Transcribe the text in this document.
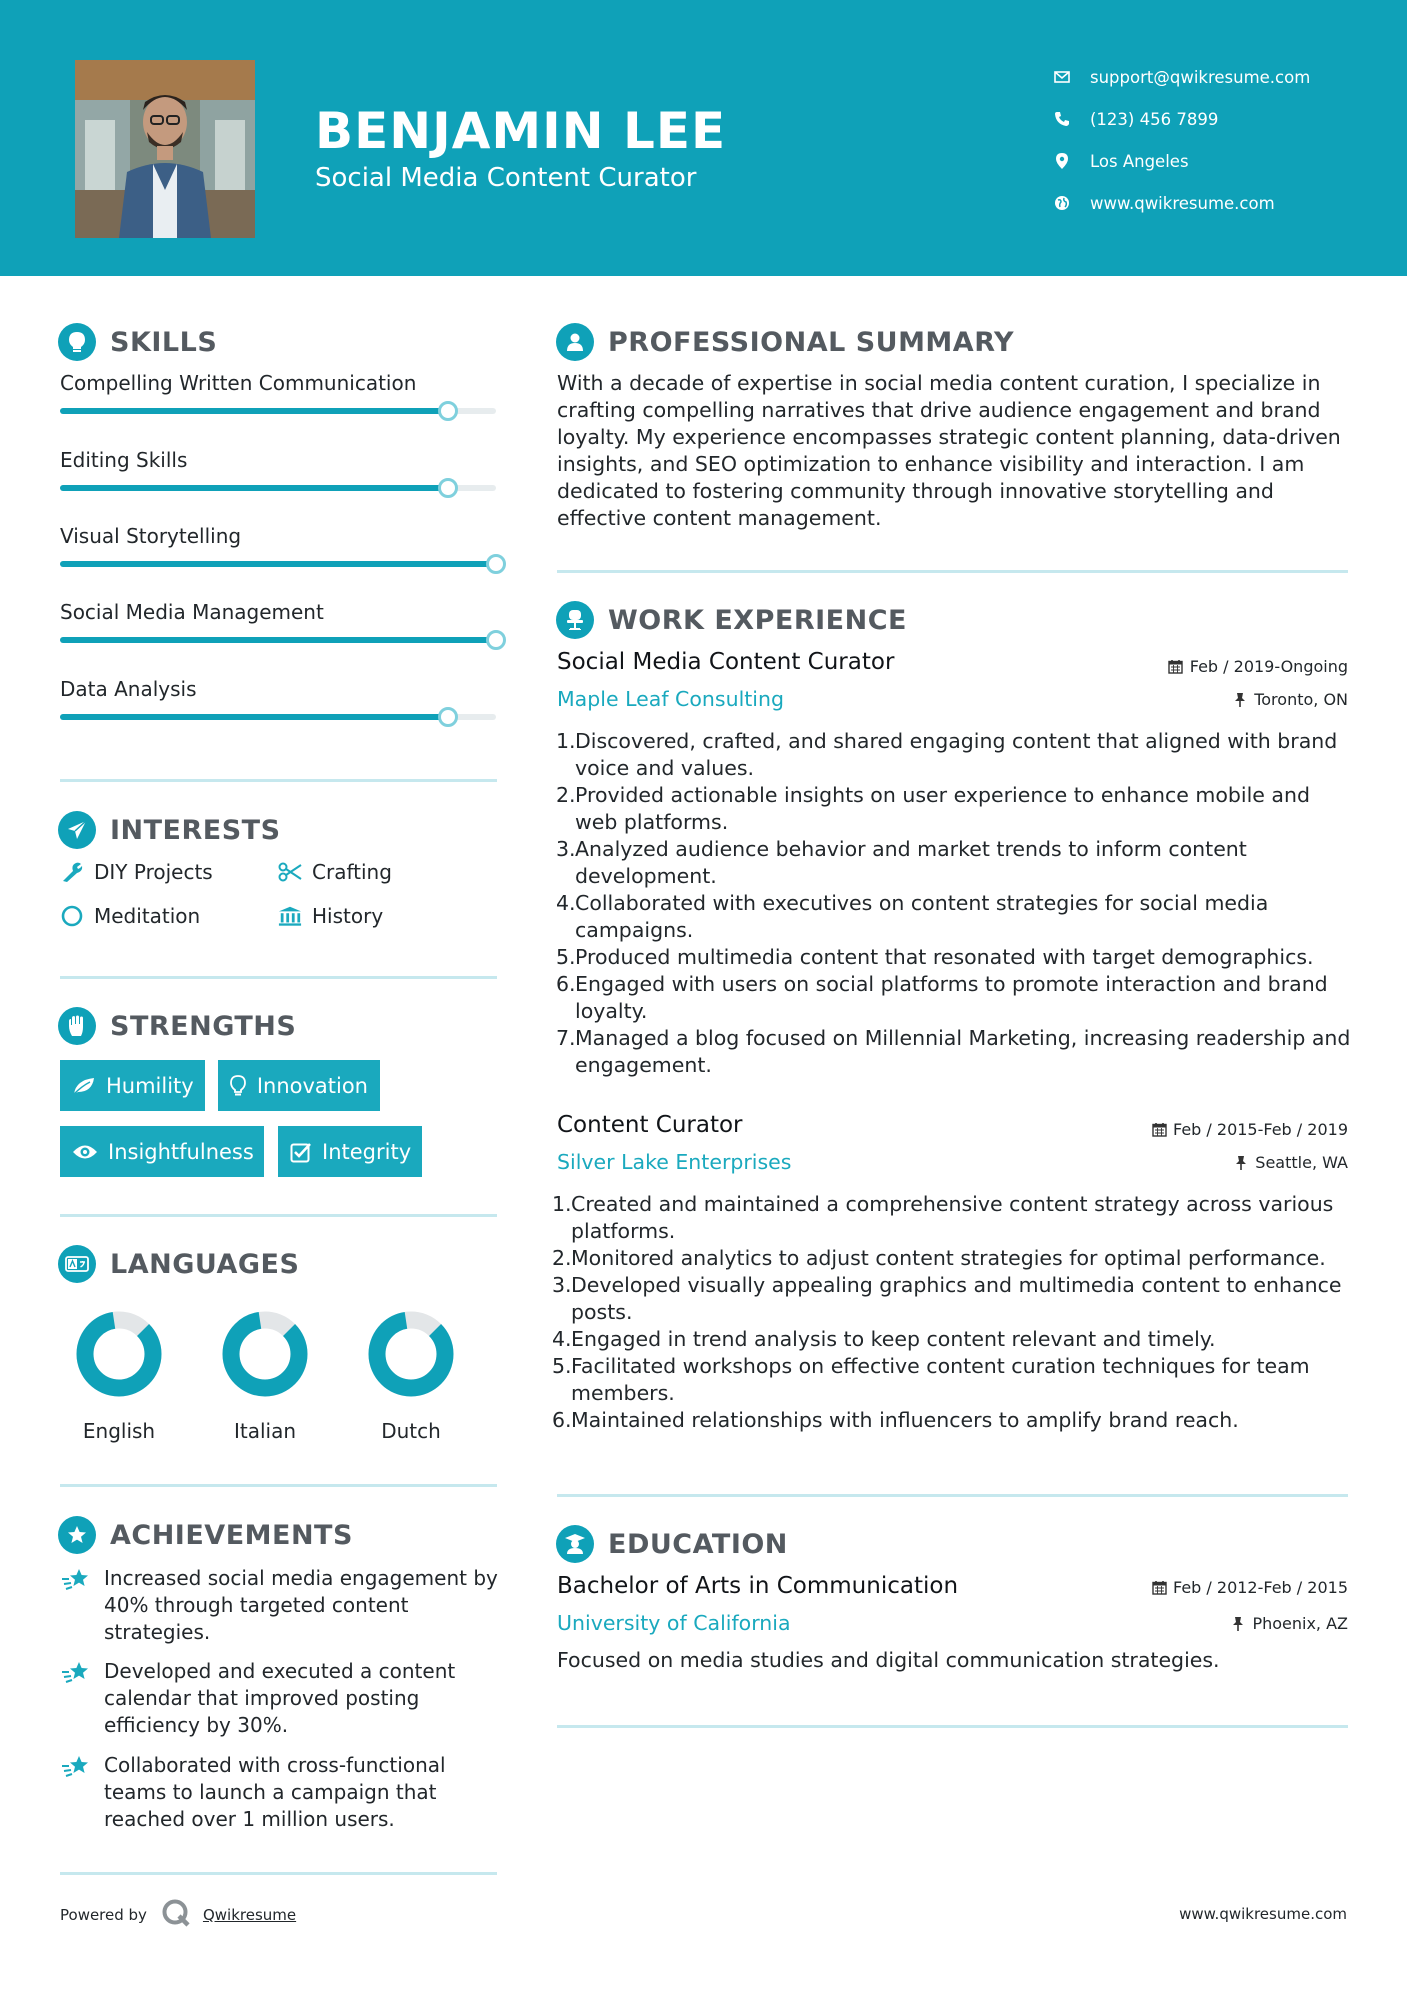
BENJAMIN LEE
Social Media Content Curator
support@qwikresume.com
(123) 456 7899
Los Angeles
www.qwikresume.com
SKILLS
Compelling Written Communication
Editing Skills
Visual Storytelling
Social Media Management
Data Analysis
INTERESTS
DIY Projects	Crafting
Meditation	History
STRENGTHS
Humility	Innovation
Insightfulness	Integrity
LANGUAGES
English	Italian	Dutch
ACHIEVEMENTS
Increased social media engagement by 40% through targeted content strategies.
Developed and executed a content calendar that improved posting efficiency by 30%.
Collaborated with cross-functional teams to launch a campaign that reached over 1 million users.
PROFESSIONAL SUMMARY
With a decade of expertise in social media content curation, I specialize in crafting compelling narratives that drive audience engagement and brand loyalty. My experience encompasses strategic content planning, data-driven insights, and SEO optimization to enhance visibility and interaction. I am dedicated to fostering community through innovative storytelling and effective content management.
WORK EXPERIENCE
Social Media Content Curator
Maple Leaf Consulting
Feb / 2019-Ongoing
Toronto, ON
1. Discovered, crafted, and shared engaging content that aligned with brand voice and values.
2. Provided actionable insights on user experience to enhance mobile and web platforms.
3. Analyzed audience behavior and market trends to inform content development.
4. Collaborated with executives on content strategies for social media campaigns.
5. Produced multimedia content that resonated with target demographics.
6. Engaged with users on social platforms to promote interaction and brand loyalty.
7. Managed a blog focused on Millennial Marketing, increasing readership and engagement.
Content Curator
Silver Lake Enterprises
Feb / 2015-Feb / 2019
Seattle, WA
1. Created and maintained a comprehensive content strategy across various platforms.
2. Monitored analytics to adjust content strategies for optimal performance.
3. Developed visually appealing graphics and multimedia content to enhance posts.
4. Engaged in trend analysis to keep content relevant and timely.
5. Facilitated workshops on effective content curation techniques for team members.
6. Maintained relationships with influencers to amplify brand reach.
EDUCATION
Bachelor of Arts in Communication
University of California
Feb / 2012-Feb / 2015
Phoenix, AZ
Focused on media studies and digital communication strategies.
Powered by	Qwikresume	www.qwikresume.com
